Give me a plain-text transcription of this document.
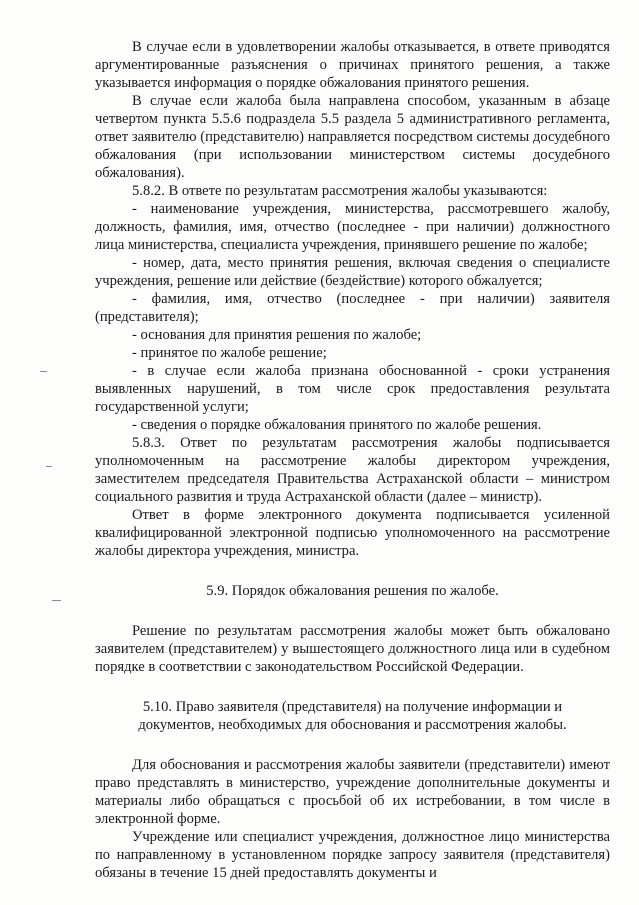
В случае если в удовлетворении жалобы отказывается, в ответе приводятся аргументированные разъяснения о причинах принятого решения, а также указывается информация о порядке обжалования принятого решения.

В случае если жалоба была направлена способом, указанным в абзаце четвертом пункта 5.5.6 подраздела 5.5 раздела 5 административного регламента, ответ заявителю (представителю) направляется посредством системы досудебного обжалования (при использовании министерством системы досудебного обжалования).

5.8.2. В ответе по результатам рассмотрения жалобы указываются:

- наименование учреждения, министерства, рассмотревшего жалобу, должность, фамилия, имя, отчество (последнее - при наличии) должностного лица министерства, специалиста учреждения, принявшего решение по жалобе;

- номер, дата, место принятия решения, включая сведения о специалисте учреждения, решение или действие (бездействие) которого обжалуется;

- фамилия, имя, отчество (последнее - при наличии) заявителя (представителя);

- основания для принятия решения по жалобе;

- принятое по жалобе решение;

- в случае если жалоба признана обоснованной - сроки устранения выявленных нарушений, в том числе срок предоставления результата государственной услуги;

- сведения о порядке обжалования принятого по жалобе решения.

5.8.3. Ответ по результатам рассмотрения жалобы подписывается уполномоченным на рассмотрение жалобы директором учреждения, заместителем председателя Правительства Астраханской области – министром социального развития и труда Астраханской области (далее – министр).

Ответ в форме электронного документа подписывается усиленной квалифицированной электронной подписью уполномоченного на рассмотрение жалобы директора учреждения, министра.

5.9. Порядок обжалования решения по жалобе.

Решение по результатам рассмотрения жалобы может быть обжаловано заявителем (представителем) у вышестоящего должностного лица или в судебном порядке в соответствии с законодательством Российской Федерации.

5.10. Право заявителя (представителя) на получение информации и

документов, необходимых для обоснования и рассмотрения жалобы.

Для обоснования и рассмотрения жалобы заявители (представители) имеют право представлять в министерство, учреждение дополнительные документы и материалы либо обращаться с просьбой об их истребовании, в том числе в электронной форме.

Учреждение или специалист учреждения, должностное лицо министерства по направленному в установленном порядке запросу заявителя (представителя) обязаны в течение 15 дней предоставлять документы и
